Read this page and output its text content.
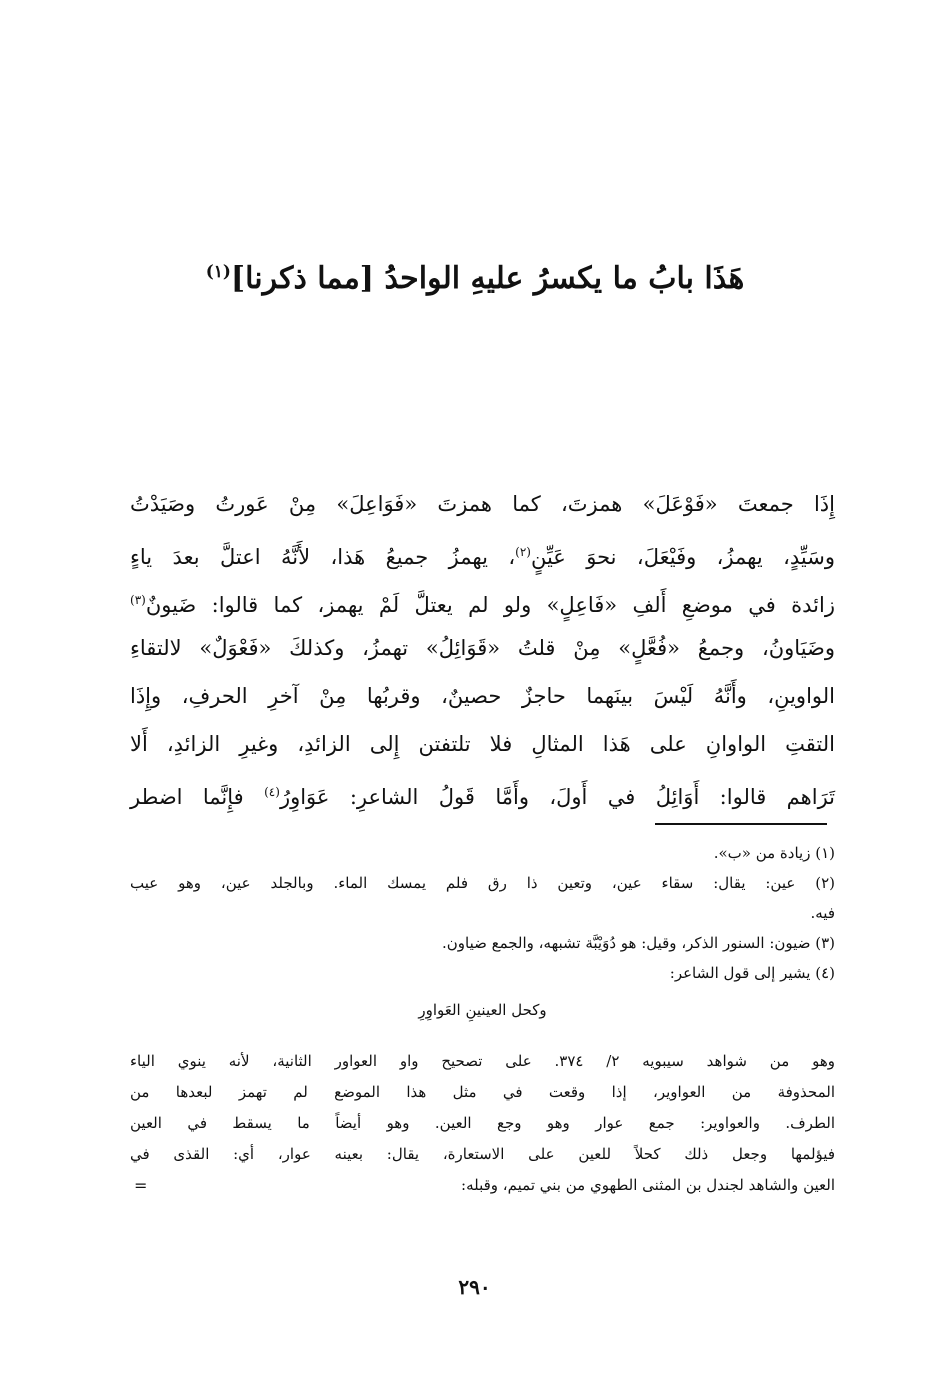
هَذَا بابُ ما يكسرُ عليهِ الواحدُ [مما ذكرنا]$^{(١)}$
إِذَا جمعتَ «فَوْعَلَ» همزتَ، كما همزتَ «فَوَاعِلَ» مِنْ عَورتُ وصَيَدْتُ
وسَيِّدٍ، يهمزُ، وفَيْعَلَ، نحوَ عَيِّنٍ$^{(٢)}$، يهمزُ جميعُ هَذا، لأَنَّهُ اعتلَّ بعدَ ياءٍ
زائدة في موضعِ أَلفِ «فَاعِلٍ» ولو لم يعتلَّ لَمْ يهمز، كما قالوا: ضَيونٌ$^{(٣)}$
وضَيَاونُ، وجمعُ «فُعَّلٍ» مِنْ قلتُ «قَوَائِلُ» تهمزُ، وكذلكَ «فَعْوَلٌ» لالتقاءِ
الواوينِ، وأَنَّهُ لَيْسَ بينَهما حاجزٌ حصينٌ، وقربُها مِنْ آخرِ الحرفِ، وإِذَا
التقتِ الواوانِ على هَذا المثالِ فلا تلتفتن إِلى الزائدِ، وغيرِ الزائدِ، أَلا
تَرَاهم قالوا: أَوَائِلُ في أَولَ، وأَمَّا قَولُ الشاعرِ: عَوَاوِرُ$^{(٤)}$ فإِنَّما اضطر
(١) زيادة من «ب».
(٢) عين: يقال: سقاء عين، وتعين ذا رق فلم يمسك الماء. وبالجلد عين، وهو عيب
فيه.
(٣) ضيون: السنور الذكر، وقيل: هو دُوَيْبَّة تشبهه، والجمع ضياون.
(٤) يشير إلى قول الشاعر:
وكحل العينينِ العَواوِرِ
وهو من شواهد سيبويه ٢/ ٣٧٤. على تصحيح واو العواور الثانية، لأنه ينوي الياء
المحذوفة من العواوير، إذا وقعت في مثل هذا الموضع لم تهمز لبعدها من
الطرف. والعواوير: جمع عوار وهو وجع العين. وهو أيضاً ما يسقط في العين
فيؤلمها وجعل ذلك كحلاً للعين على الاستعارة، يقال: بعينه عوار، أي: القذى في
العين والشاهد لجندل بن المثنى الطهوي من بني تميم، وقبله:
=
٢٩٠
